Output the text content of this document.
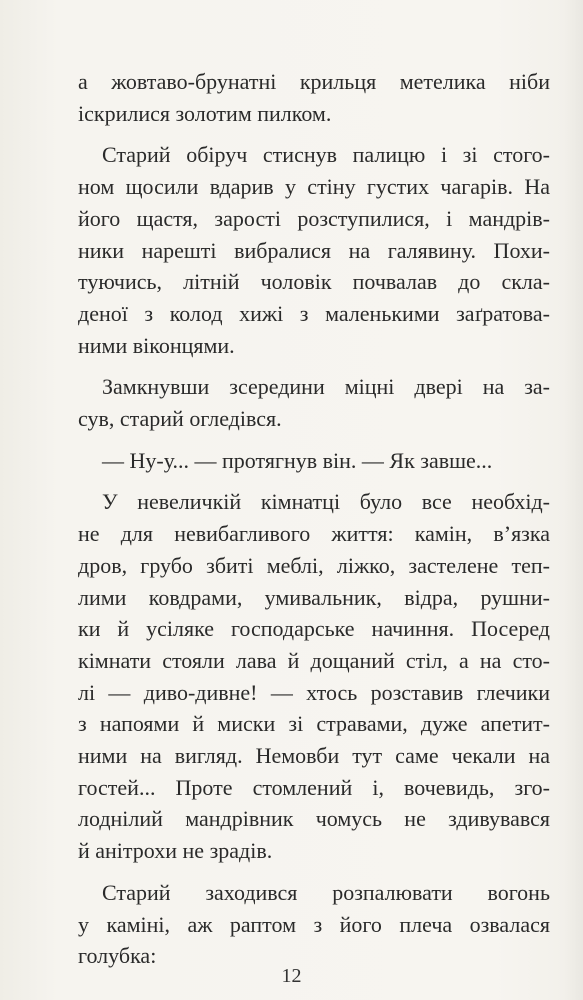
а жовтаво-брунатні крильця метелика ніби
іскрилися золотим пилком.
Старий обіруч стиснув палицю і зі стого-
ном щосили вдарив у стіну густих чагарів. На
його щастя, зарості розступилися, і мандрів-
ники нарешті вибралися на галявину. Похи-
туючись, літній чоловік почвалав до скла-
деної з колод хижі з маленькими заґратова-
ними віконцями.
Замкнувши зсередини міцні двері на за-
сув, старий огледівся.
— Ну-у... — протягнув він. — Як завше...
У невеличкій кімнатці було все необхід-
не для невибагливого життя: камін, в’язка
дров, грубо збиті меблі, ліжко, застелене теп-
лими ковдрами, умивальник, відра, рушни-
ки й усіляке господарське начиння. Посеред
кімнати стояли лава й дощаний стіл, а на сто-
лі — диво-дивне! — хтось розставив глечики
з напоями й миски зі стравами, дуже апетит-
ними на вигляд. Немовби тут саме чекали на
гостей... Проте стомлений і, вочевидь, зго-
лоднілий мандрівник чомусь не здивувався
й анітрохи не зрадів.
Старий заходився розпалювати вогонь
у каміні, аж раптом з його плеча озвалася
голубка:
12
